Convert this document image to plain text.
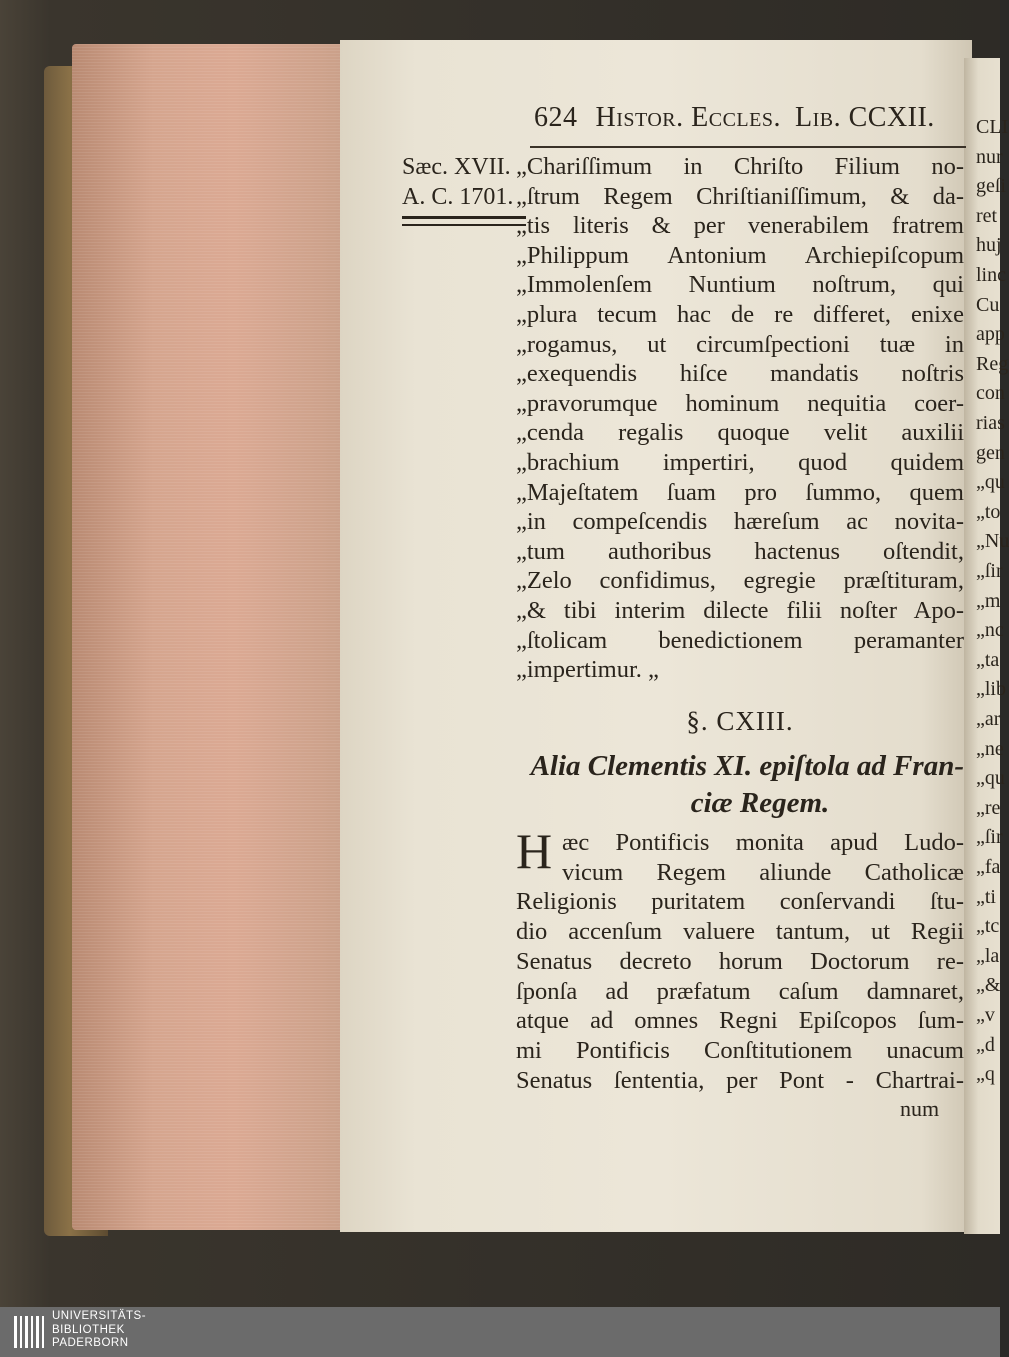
CLI
nur
geſi
ret
huj
linc
Cu
app
Reg
con
rias
gen
„qu
„to
„Nu
„ſir
„m
„nc
„ta
„lib
„ar
„ne
„qu
„re
„ſir
„fa
„ti
„tc
„la
„&
„v
„d
„q
624 Histor. Eccles. Lib. CCXII.
Sæc. XVII.
A. C. 1701.
„Chariſſimum in Chriſto Filium no-
„ſtrum Regem Chriſtianiſſimum, & da-
„tis literis & per venerabilem fratrem
„Philippum Antonium Archiepiſcopum
„Immolenſem Nuntium noſtrum, qui
„plura tecum hac de re differet, enixe
„rogamus, ut circumſpectioni tuæ in
„exequendis hiſce mandatis noſtris
„pravorumque hominum nequitia coer-
„cenda regalis quoque velit auxilii
„brachium impertiri, quod quidem
„Majeſtatem ſuam pro ſummo, quem
„in compeſcendis hæreſum ac novita-
„tum authoribus hactenus oſtendit,
„Zelo confidimus, egregie præſtituram,
„& tibi interim dilecte filii noſter Apo-
„ſtolicam benedictionem peramanter
„impertimur. „
§. CXIII.
Alia Clementis XI. epiſtola ad Fran-
ciæ Regem.
H æc Pontificis monita apud Ludo-
vicum Regem aliunde Catholicæ
Religionis puritatem conſervandi ſtu-
dio accenſum valuere tantum, ut Regii
Senatus decreto horum Doctorum re-
ſponſa ad præfatum caſum damnaret,
atque ad omnes Regni Epiſcopos ſum-
mi Pontificis Conſtitutionem unacum
Senatus ſententia, per Pont - Chartrai-
num
UNIVERSITÄTS-
BIBLIOTHEK
PADERBORN
